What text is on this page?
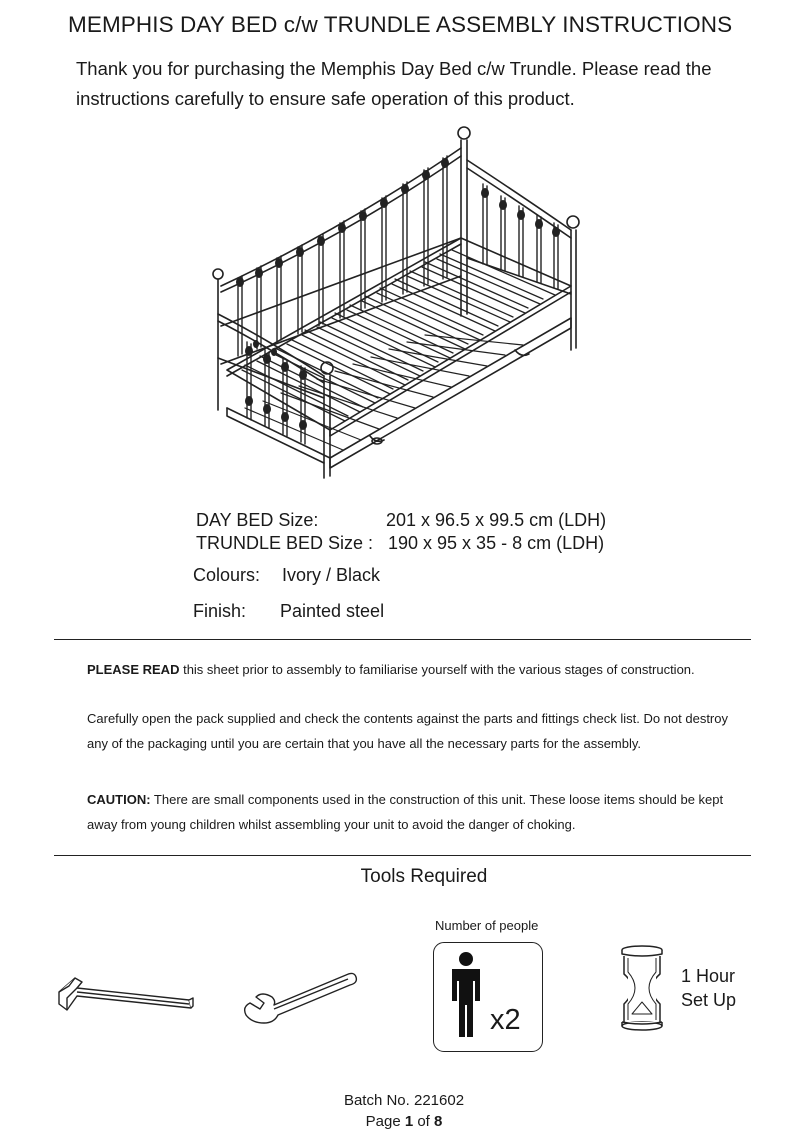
MEMPHIS DAY BED c/w TRUNDLE ASSEMBLY INSTRUCTIONS
Thank you for purchasing the Memphis Day Bed c/w Trundle. Please read the instructions carefully to ensure safe operation of this product.
DAY BED Size:	201 x 96.5 x 99.5 cm (LDH)
TRUNDLE BED Size : 190 x 95 x 35 - 8 cm (LDH)
Colours: Ivory / Black
Finish: Painted steel
PLEASE READ this sheet prior to assembly to familiarise yourself with the various stages of construction.
Carefully open the pack supplied and check the contents against the parts and fittings check list. Do not destroy any of the packaging until you are certain that you have all the necessary parts for the assembly.
CAUTION: There are small components used in the construction of this unit. These loose items should be kept away from young children whilst assembling your unit to avoid the danger of choking.
Tools Required
Number of people
x2
1 Hour
Set Up
Batch No. 221602
Page 1 of 8
